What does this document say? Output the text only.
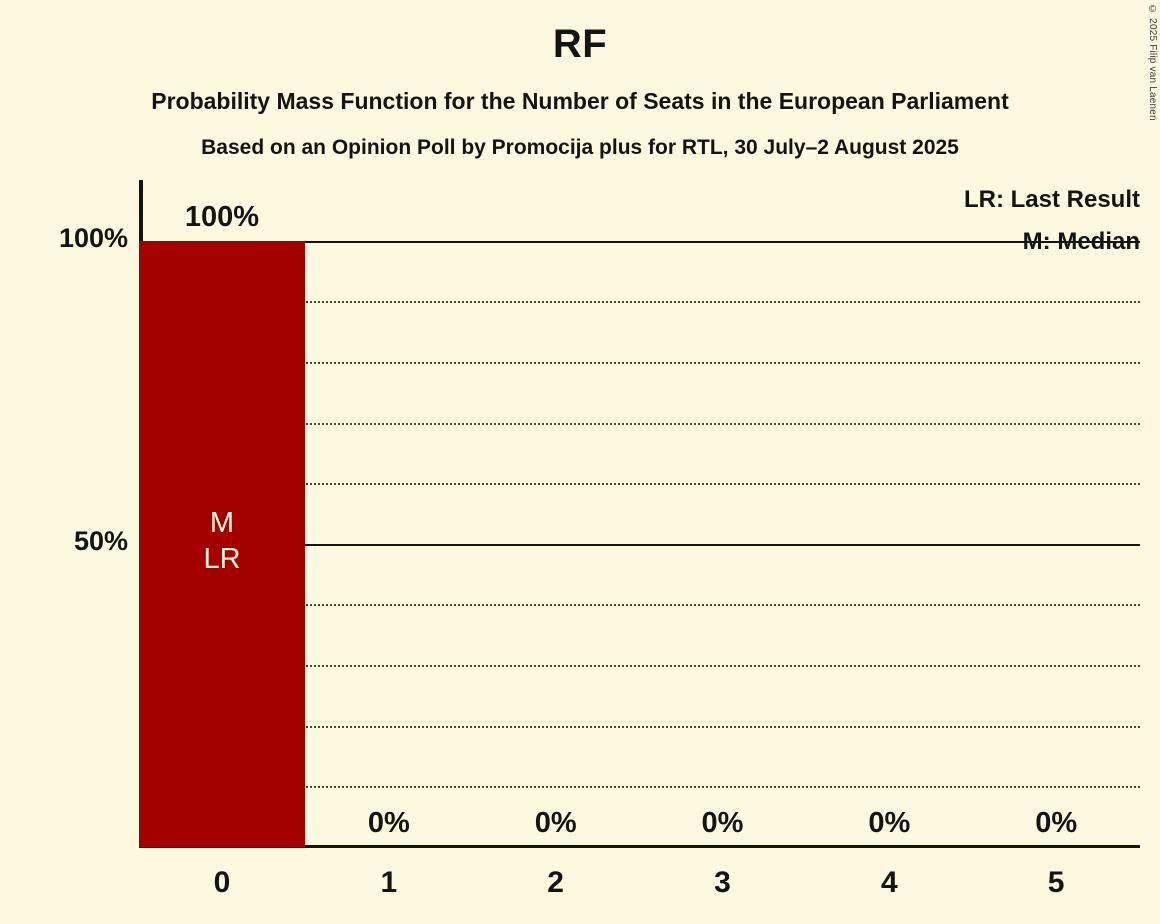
RF
Probability Mass Function for the Number of Seats in the European Parliament
Based on an Opinion Poll by Promocija plus for RTL, 30 July–2 August 2025
© 2025 Filip van Laenen
LR: Last Result
M: Median
50%
100%
M
LR
100%
0%	0%	0%	0%	0%
0	1	2	3	4	5
